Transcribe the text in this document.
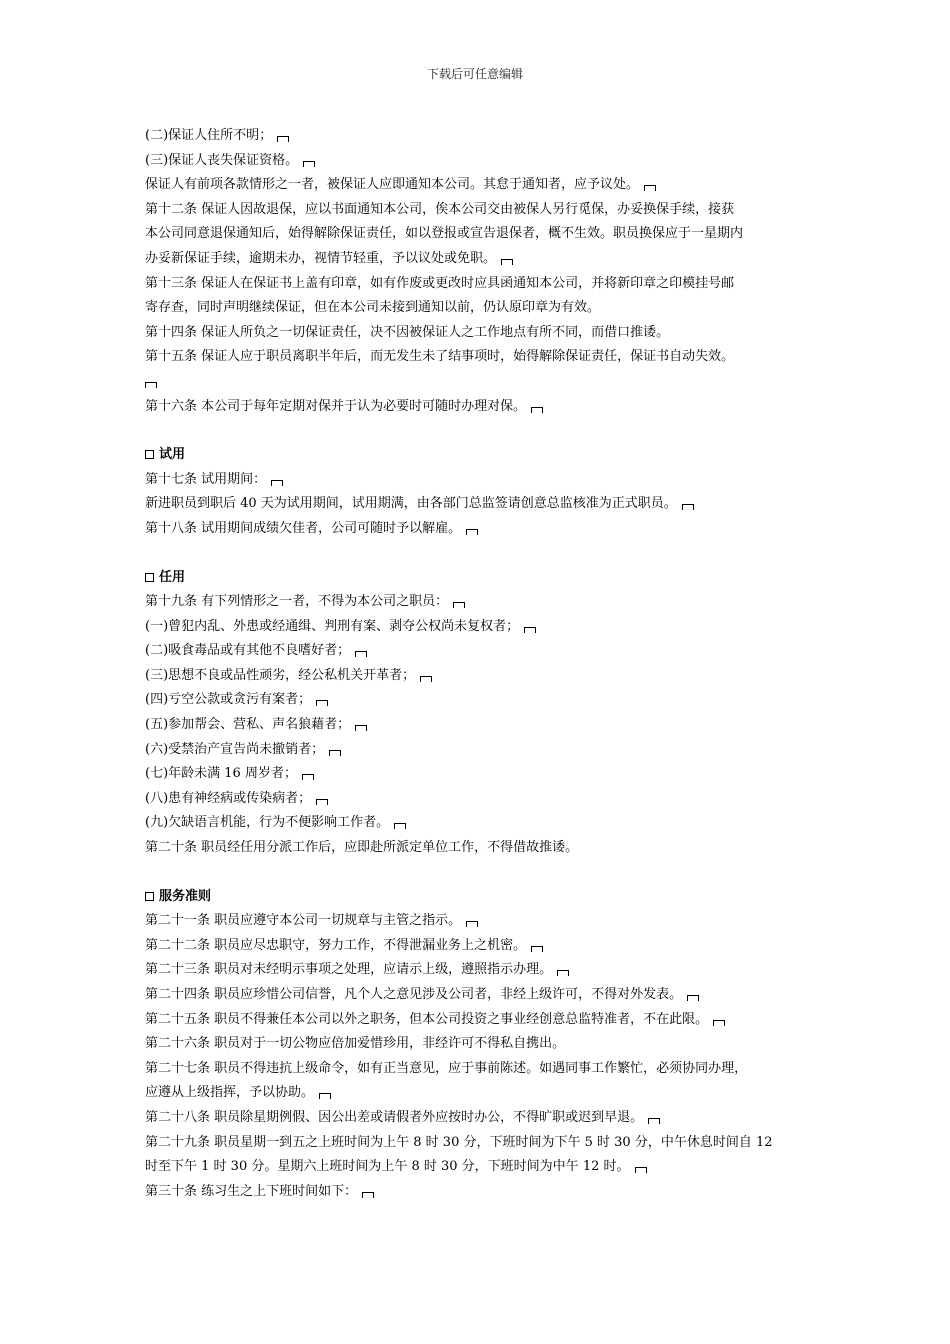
下载后可任意编辑
(二)保证人住所不明；
(三)保证人丧失保证资格。
保证人有前项各款情形之一者，被保证人应即通知本公司。其怠于通知者，应予议处。
第十二条 保证人因故退保，应以书面通知本公司，俟本公司交由被保人另行觅保，办妥换保手续，接获
本公司同意退保通知后，始得解除保证责任，如以登报或宣告退保者，概不生效。职员换保应于一星期内
办妥新保证手续，逾期未办，视情节轻重，予以议处或免职。
第十三条 保证人在保证书上盖有印章，如有作废或更改时应具函通知本公司，并将新印章之印模挂号邮
寄存查，同时声明继续保证，但在本公司未接到通知以前，仍认原印章为有效。
第十四条 保证人所负之一切保证责任，决不因被保证人之工作地点有所不同，而借口推诿。
第十五条 保证人应于职员离职半年后，而无发生未了结事项时，始得解除保证责任，保证书自动失效。
第十六条 本公司于每年定期对保并于认为必要时可随时办理对保。
试用
第十七条 试用期间：
新进职员到职后 40 天为试用期间，试用期满，由各部门总监签请创意总监核准为正式职员。
第十八条 试用期间成绩欠佳者，公司可随时予以解雇。
任用
第十九条 有下列情形之一者，不得为本公司之职员：
(一)曾犯内乱、外患或经通缉、判刑有案、剥夺公权尚未复权者；
(二)吸食毒品或有其他不良嗜好者；
(三)思想不良或品性顽劣，经公私机关开革者；
(四)亏空公款或贪污有案者；
(五)参加帮会、营私、声名狼藉者；
(六)受禁治产宣告尚未撤销者；
(七)年龄未满 16 周岁者；
(八)患有神经病或传染病者；
(九)欠缺语言机能，行为不便影响工作者。
第二十条 职员经任用分派工作后，应即赴所派定单位工作，不得借故推诿。
服务准则
第二十一条 职员应遵守本公司一切规章与主管之指示。
第二十二条 职员应尽忠职守，努力工作，不得泄漏业务上之机密。
第二十三条 职员对未经明示事项之处理，应请示上级，遵照指示办理。
第二十四条 职员应珍惜公司信誉，凡个人之意见涉及公司者，非经上级许可，不得对外发表。
第二十五条 职员不得兼任本公司以外之职务，但本公司投资之事业经创意总监特准者，不在此限。
第二十六条 职员对于一切公物应倍加爱惜珍用，非经许可不得私自携出。
第二十七条 职员不得违抗上级命令，如有正当意见，应于事前陈述。如遇同事工作繁忙，必须协同办理，
应遵从上级指挥，予以协助。
第二十八条 职员除星期例假、因公出差或请假者外应按时办公，不得旷职或迟到早退。
第二十九条 职员星期一到五之上班时间为上午 8 时 30 分，下班时间为下午 5 时 30 分，中午休息时间自 12
时至下午 1 时 30 分。星期六上班时间为上午 8 时 30 分，下班时间为中午 12 时。
第三十条 练习生之上下班时间如下：
